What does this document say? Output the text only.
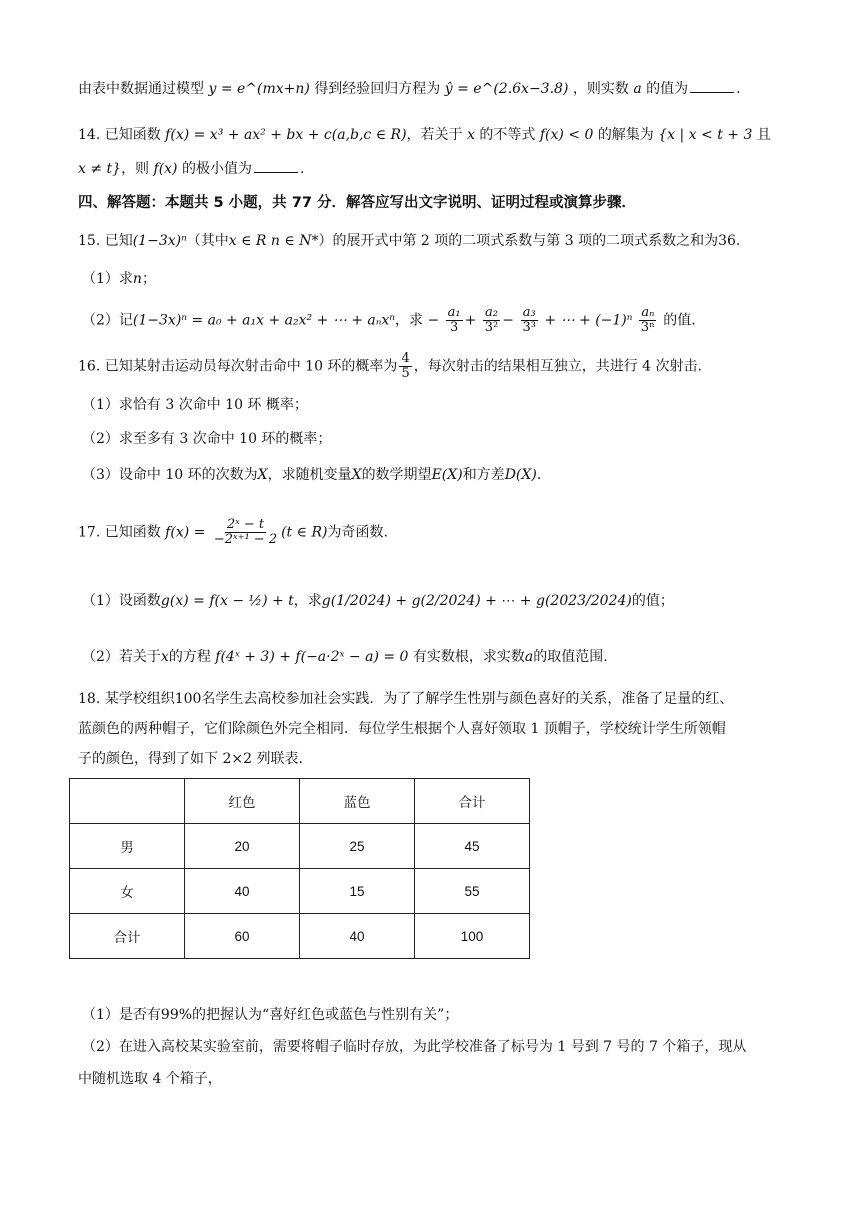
由表中数据通过模型 y = e^(mx+n) 得到经验回归方程为 ŷ = e^(2.6x−3.8) ，则实数 a 的值为	.
14. 已知函数 f(x) = x³ + ax² + bx + c(a,b,c ∈ R)，若关于 x 的不等式 f(x) < 0 的解集为 {x | x < t + 3 且
x ≠ t}，则 f(x) 的极小值为	.
四、解答题：本题共 5 小题，共 77 分．解答应写出文字说明、证明过程或演算步骤．
15. 已知(1−3x)ⁿ（其中x ∈ R n ∈ N*）的展开式中第 2 项的二项式系数与第 3 项的二项式系数之和为36.
（1）求n；
（2）记(1−3x)ⁿ = a₀ + a₁x + a₂x² + ⋯ + aₙxⁿ，求 − $\frac{\text{a₁}}{3} + \frac{\text{a₂}}{\text{3²}} - \frac{\text{a₃}}{\text{3³}}$ + ⋯ + $(-1)^n \frac{\text{aₙ}}{\text{3ⁿ}}$ 的值.
16. 已知某射击运动员每次射击命中 10 环的概率为 $\frac{4}{5}$ ，每次射击的结果相互独立，共进行 4 次射击.
（1）求恰有 3 次命中 10 环 概率；
（2）求至多有 3 次命中 10 环的概率；
（3）设命中 10 环的次数为X，求随机变量X的数学期望E(X)和方差D(X).
17. 已知函数 $f(x) = \frac{\text{2ˣ − t}}{\text{−2ˣ⁺¹ − 2}} (t$ ∈ R)为奇函数.
（1）设函数g(x) = f(x − ½) + t，求g(1/2024) + g(2/2024) + ⋯ + g(2023/2024)的值；
（2）若关于x的方程 f(4ˣ + 3) + f(−a·2ˣ − a) = 0 有实数根，求实数a的取值范围.
18. 某学校组织100名学生去高校参加社会实践．为了了解学生性别与颜色喜好的关系，准备了足量的红、
蓝颜色的两种帽子，它们除颜色外完全相同．每位学生根据个人喜好领取 1 顶帽子，学校统计学生所领帽
子的颜色，得到了如下 2×2 列联表.
	红色	蓝色	合计
男	20	25	45
女	40	15	55
合计	60	40	100
（1）是否有99%的把握认为“喜好红色或蓝色与性别有关”；
（2）在进入高校某实验室前，需要将帽子临时存放，为此学校准备了标号为 1 号到 7 号的 7 个箱子，现从
中随机选取 4 个箱子，
